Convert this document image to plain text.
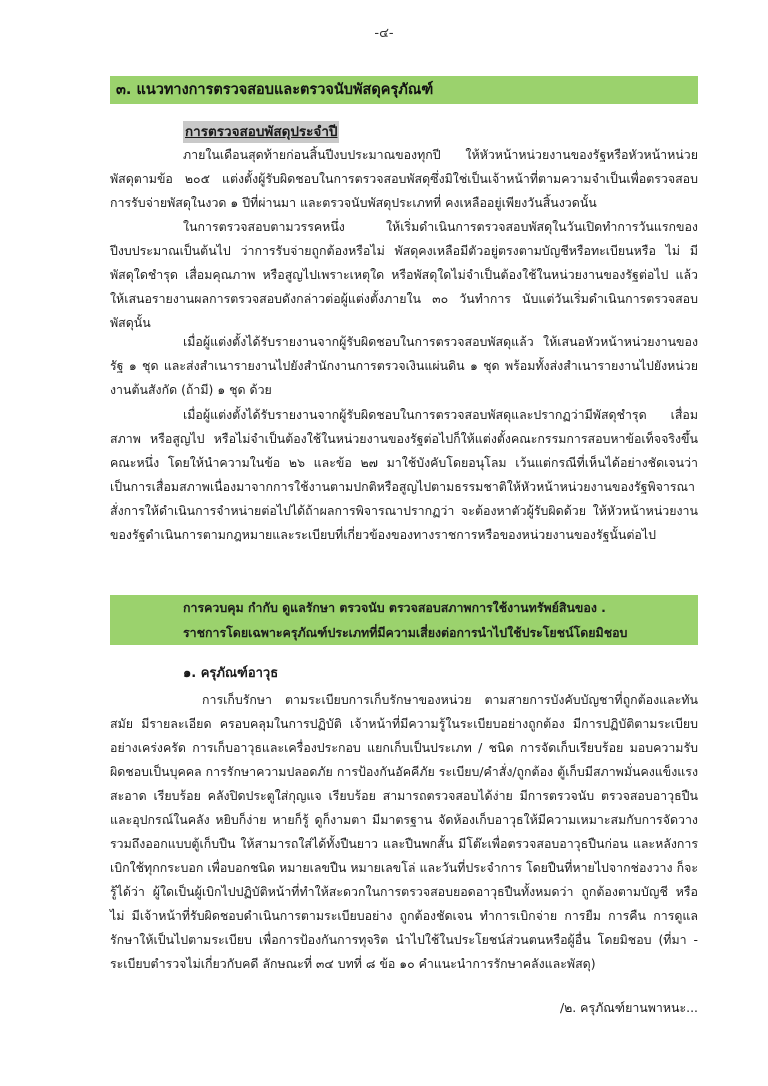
-๔-
๓. แนวทางการตรวจสอบและตรวจนับพัสดุครุภัณฑ์
การตรวจสอบพัสดุประจำปี

ภายในเดือนสุดท้ายก่อนสิ้นปีงบประมาณของทุกปี ให้หัวหน้าหน่วยงานของรัฐหรือหัวหน้าหน่วยพัสดุตามข้อ ๒๐๕ แต่งตั้งผู้รับผิดชอบในการตรวจสอบพัสดุซึ่งมิใช่เป็นเจ้าหน้าที่ตามความจำเป็นเพื่อตรวจสอบการรับจ่ายพัสดุในงวด ๑ ปีที่ผ่านมา และตรวจนับพัสดุประเภทที่ คงเหลืออยู่เพียงวันสิ้นงวดนั้น

ในการตรวจสอบตามวรรคหนึ่ง ให้เริ่มดำเนินการตรวจสอบพัสดุในวันเปิดทำการวันแรกของปีงบประมาณเป็นต้นไป ว่าการรับจ่ายถูกต้องหรือไม่ พัสดุคงเหลือมีตัวอยู่ตรงตามบัญชีหรือทะเบียนหรือ ไม่ มีพัสดุใดชำรุด เสื่อมคุณภาพ หรือสูญไปเพราะเหตุใด หรือพัสดุใดไม่จำเป็นต้องใช้ในหน่วยงานของรัฐต่อไป แล้วให้เสนอรายงานผลการตรวจสอบดังกล่าวต่อผู้แต่งตั้งภายใน ๓๐ วันทำการ นับแต่วันเริ่มดำเนินการตรวจสอบพัสดุนั้น

เมื่อผู้แต่งตั้งได้รับรายงานจากผู้รับผิดชอบในการตรวจสอบพัสดุแล้ว ให้เสนอหัวหน้าหน่วยงานของรัฐ ๑ ชุด และส่งสำเนารายงานไปยังสำนักงานการตรวจเงินแผ่นดิน ๑ ชุด พร้อมทั้งส่งสำเนารายงานไปยังหน่วยงานต้นสังกัด (ถ้ามี) ๑ ชุด ด้วย

เมื่อผู้แต่งตั้งได้รับรายงานจากผู้รับผิดชอบในการตรวจสอบพัสดุและปรากฏว่ามีพัสดุชำรุด เสื่อมสภาพ หรือสูญไป หรือไม่จำเป็นต้องใช้ในหน่วยงานของรัฐต่อไปก็ให้แต่งตั้งคณะกรรมการสอบหาข้อเท็จจริงขึ้นคณะหนึ่ง โดยให้นำความในข้อ ๒๖ และข้อ ๒๗ มาใช้บังคับโดยอนุโลม เว้นแต่กรณีที่เห็นได้อย่างชัดเจนว่า เป็นการเสื่อมสภาพเนื่องมาจากการใช้งานตามปกติหรือสูญไปตามธรรมชาติให้หัวหน้าหน่วยงานของรัฐพิจารณาสั่งการให้ดำเนินการจำหน่ายต่อไปได้ถ้าผลการพิจารณาปรากฏว่า จะต้องหาตัวผู้รับผิดด้วย ให้หัวหน้าหน่วยงานของรัฐดำเนินการตามกฎหมายและระเบียบที่เกี่ยวข้องของทางราชการหรือของหน่วยงานของรัฐนั้นต่อไป

การควบคุม กำกับ ดูแลรักษา ตรวจนับ ตรวจสอบสภาพการใช้งานทรัพย์สินของ .
ราชการโดยเฉพาะครุภัณฑ์ประเภทที่มีความเสี่ยงต่อการนำไปใช้ประโยชน์โดยมิชอบ
๑. ครุภัณฑ์อาวุธ

การเก็บรักษา ตามระเบียบการเก็บรักษาของหน่วย ตามสายการบังคับบัญชาที่ถูกต้องและทันสมัย มีรายละเอียด ครอบคลุมในการปฏิบัติ เจ้าหน้าที่มีความรู้ในระเบียบอย่างถูกต้อง มีการปฏิบัติตามระเบียบอย่างเคร่งครัด การเก็บอาวุธและเครื่องประกอบ แยกเก็บเป็นประเภท / ชนิด การจัดเก็บเรียบร้อย มอบความรับผิดชอบเป็นบุคคล การรักษาความปลอดภัย การป้องกันอัคคีภัย ระเบียบ/คำสั่ง/ถูกต้อง ตู้เก็บมีสภาพมั่นคงแข็งแรง สะอาด เรียบร้อย คลังปิดประตูใส่กุญแจ เรียบร้อย สามารถตรวจสอบได้ง่าย มีการตรวจนับ ตรวจสอบอาวุธปืน และอุปกรณ์ในคลัง หยิบก็ง่าย หายก็รู้ ดูก็งามตา มีมาตรฐาน จัดห้องเก็บอาวุธให้มีความเหมาะสมกับการจัดวาง รวมถึงออกแบบตู้เก็บปืน ให้สามารถใส่ได้ทั้งปืนยาว และปืนพกสั้น มีโต๊ะเพื่อตรวจสอบอาวุธปืนก่อน และหลังการเบิกใช้ทุกกระบอก เพื่อบอกชนิด หมายเลขปืน หมายเลขโล่ และวันที่ประจำการ โดยปืนที่หายไปจากช่องวาง ก็จะรู้ได้ว่า ผู้ใดเป็นผู้เบิกไปปฏิบัติหน้าที่ทำให้สะดวกในการตรวจสอบยอดอาวุธปืนทั้งหมดว่า ถูกต้องตามบัญชี หรือไม่ มีเจ้าหน้าที่รับผิดชอบดำเนินการตามระเบียบอย่าง ถูกต้องชัดเจน ทำการเบิกจ่าย การยืม การคืน การดูแลรักษาให้เป็นไปตามระเบียบ เพื่อการป้องกันการทุจริต นำไปใช้ในประโยชน์ส่วนตนหรือผู้อื่น โดยมิชอบ (ที่มา - ระเบียบตำรวจไม่เกี่ยวกับคดี ลักษณะที่ ๓๔ บทที่ ๘ ข้อ ๑๐ คำแนะนำการรักษาคลังและพัสดุ)

/๒. ครุภัณฑ์ยานพาหนะ...
